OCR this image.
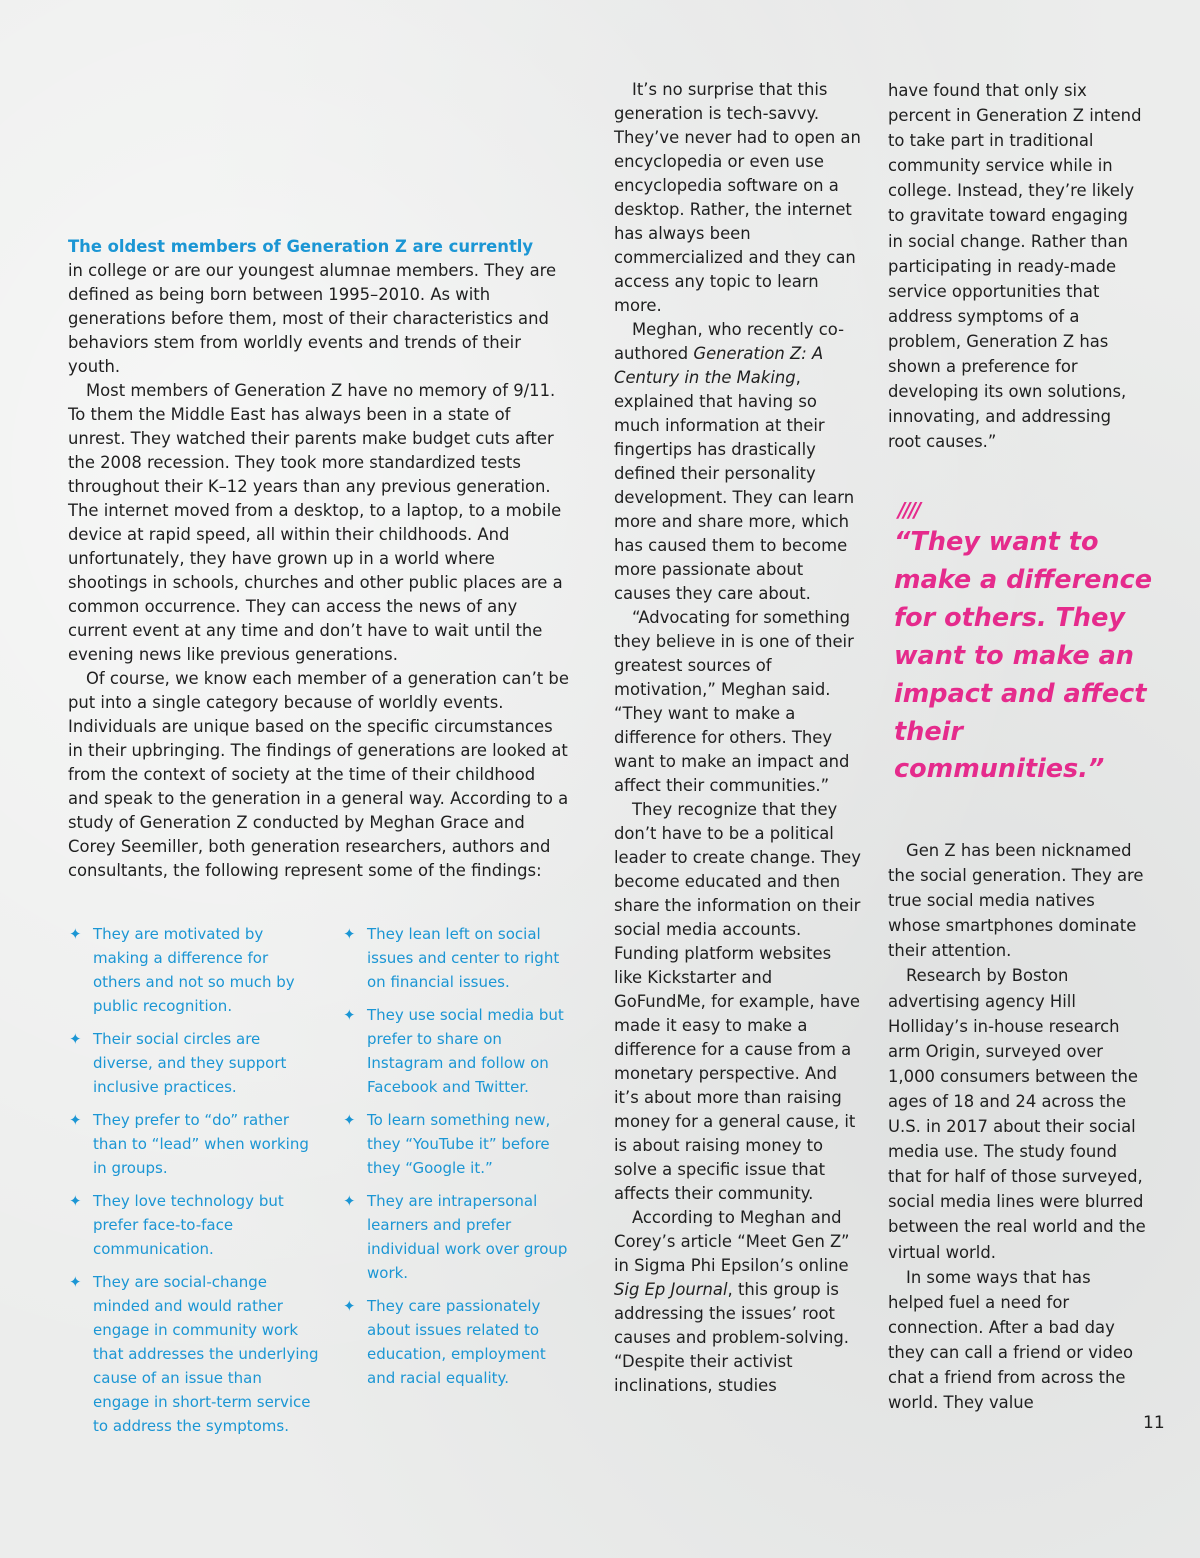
The oldest members of Generation Z are currently
in college or are our youngest alumnae members. They are defined as being born between 1995–2010. As with generations before them, most of their characteristics and behaviors stem from worldly events and trends of their youth.

Most members of Generation Z have no memory of 9/11. To them the Middle East has always been in a state of unrest. They watched their parents make budget cuts after the 2008 recession. They took more standardized tests throughout their K–12 years than any previous generation. The internet moved from a desktop, to a laptop, to a mobile device at rapid speed, all within their childhoods. And unfortunately, they have grown up in a world where shootings in schools, churches and other public places are a common occurrence. They can access the news of any current event at any time and don’t have to wait until the evening news like previous generations.

Of course, we know each member of a generation can’t be put into a single category because of worldly events. Individuals are unique based on the specific circumstances in their upbringing. The findings of generations are looked at from the context of society at the time of their childhood and speak to the generation in a general way. According to a study of Generation Z conducted by Meghan Grace and Corey Seemiller, both generation researchers, authors and consultants, the following represent some of the findings:

✦ They are motivated by making a difference for others and not so much by public recognition.
✦ Their social circles are diverse, and they support inclusive practices.
✦ They prefer to “do” rather than to “lead” when working in groups.
✦ They love technology but prefer face-to-face communication.
✦ They are social-change minded and would rather engage in community work that addresses the underlying cause of an issue than engage in short-term service to address the symptoms.
✦ They lean left on social issues and center to right on financial issues.
✦ They use social media but prefer to share on Instagram and follow on Facebook and Twitter.
✦ To learn something new, they “YouTube it” before they “Google it.”
✦ They are intrapersonal learners and prefer individual work over group work.
✦ They care passionately about issues related to education, employment and racial equality.

It’s no surprise that this generation is tech-savvy. They’ve never had to open an encyclopedia or even use encyclopedia software on a desktop. Rather, the internet has always been commercialized and they can access any topic to learn more.

Meghan, who recently co-authored Generation Z: A Century in the Making, explained that having so much information at their fingertips has drastically defined their personality development. They can learn more and share more, which has caused them to become more passionate about causes they care about.

“Advocating for something they believe in is one of their greatest sources of motivation,” Meghan said. “They want to make a difference for others. They want to make an impact and affect their communities.”

They recognize that they don’t have to be a political leader to create change. They become educated and then share the information on their social media accounts. Funding platform websites like Kickstarter and GoFundMe, for example, have made it easy to make a difference for a cause from a monetary perspective. And it’s about more than raising money for a general cause, it is about raising money to solve a specific issue that affects their community.

According to Meghan and Corey’s article “Meet Gen Z” in Sigma Phi Epsilon’s online Sig Ep Journal, this group is addressing the issues’ root causes and problem-solving. “Despite their activist inclinations, studies

have found that only six percent in Generation Z intend to take part in traditional community service while in college. Instead, they’re likely to gravitate toward engaging in social change. Rather than participating in ready-made service opportunities that address symptoms of a problem, Generation Z has shown a preference for developing its own solutions, innovating, and addressing root causes.”

////

“They want to make a difference for others. They want to make an impact and affect their communities.”

Gen Z has been nicknamed the social generation. They are true social media natives whose smartphones dominate their attention.

Research by Boston advertising agency Hill Holliday’s in-house research arm Origin, surveyed over 1,000 consumers between the ages of 18 and 24 across the U.S. in 2017 about their social media use. The study found that for half of those surveyed, social media lines were blurred between the real world and the virtual world.

In some ways that has helped fuel a need for connection. After a bad day they can call a friend or video chat a friend from across the world. They value

11
